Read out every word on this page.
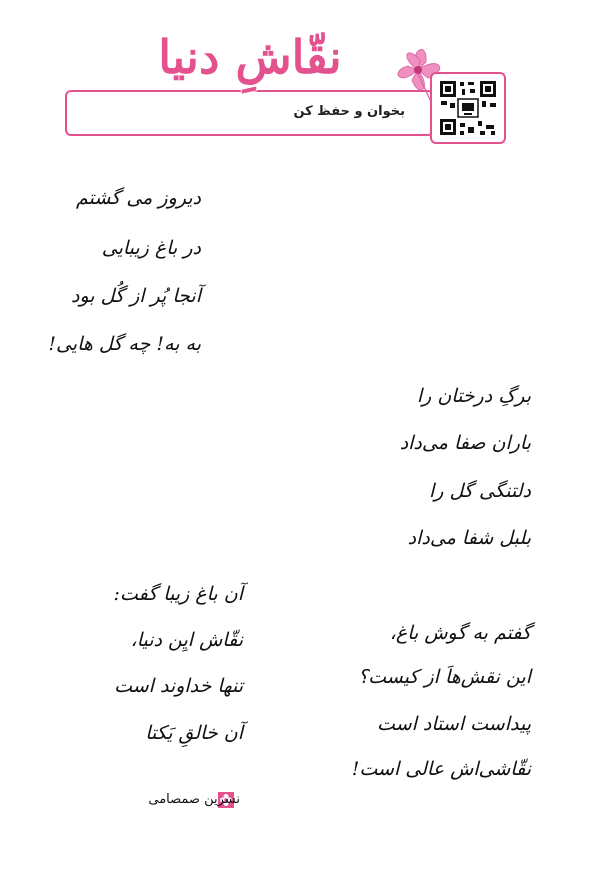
نقّاشِ دنیا
بخوان و حفظ کن
دیروز می گشتم
در باغ زیبایی
آنجا پُر از گُل بود
به به! چه گل هایی!
برگِ درختان را
باران صفا می‌داد
دلتنگی گل را
بلبل شفا می‌داد
آن باغ زیبا گفت:
نقّاش ایِن دنیا،
تنها خداوند است
آن خالقِ یَکتا
گفتم به گوش باغ،
این نقش‌هاَ از کیست؟
پیداست استاد است
نقّاشی‌اش عالی است!
نسرین صمصامی
